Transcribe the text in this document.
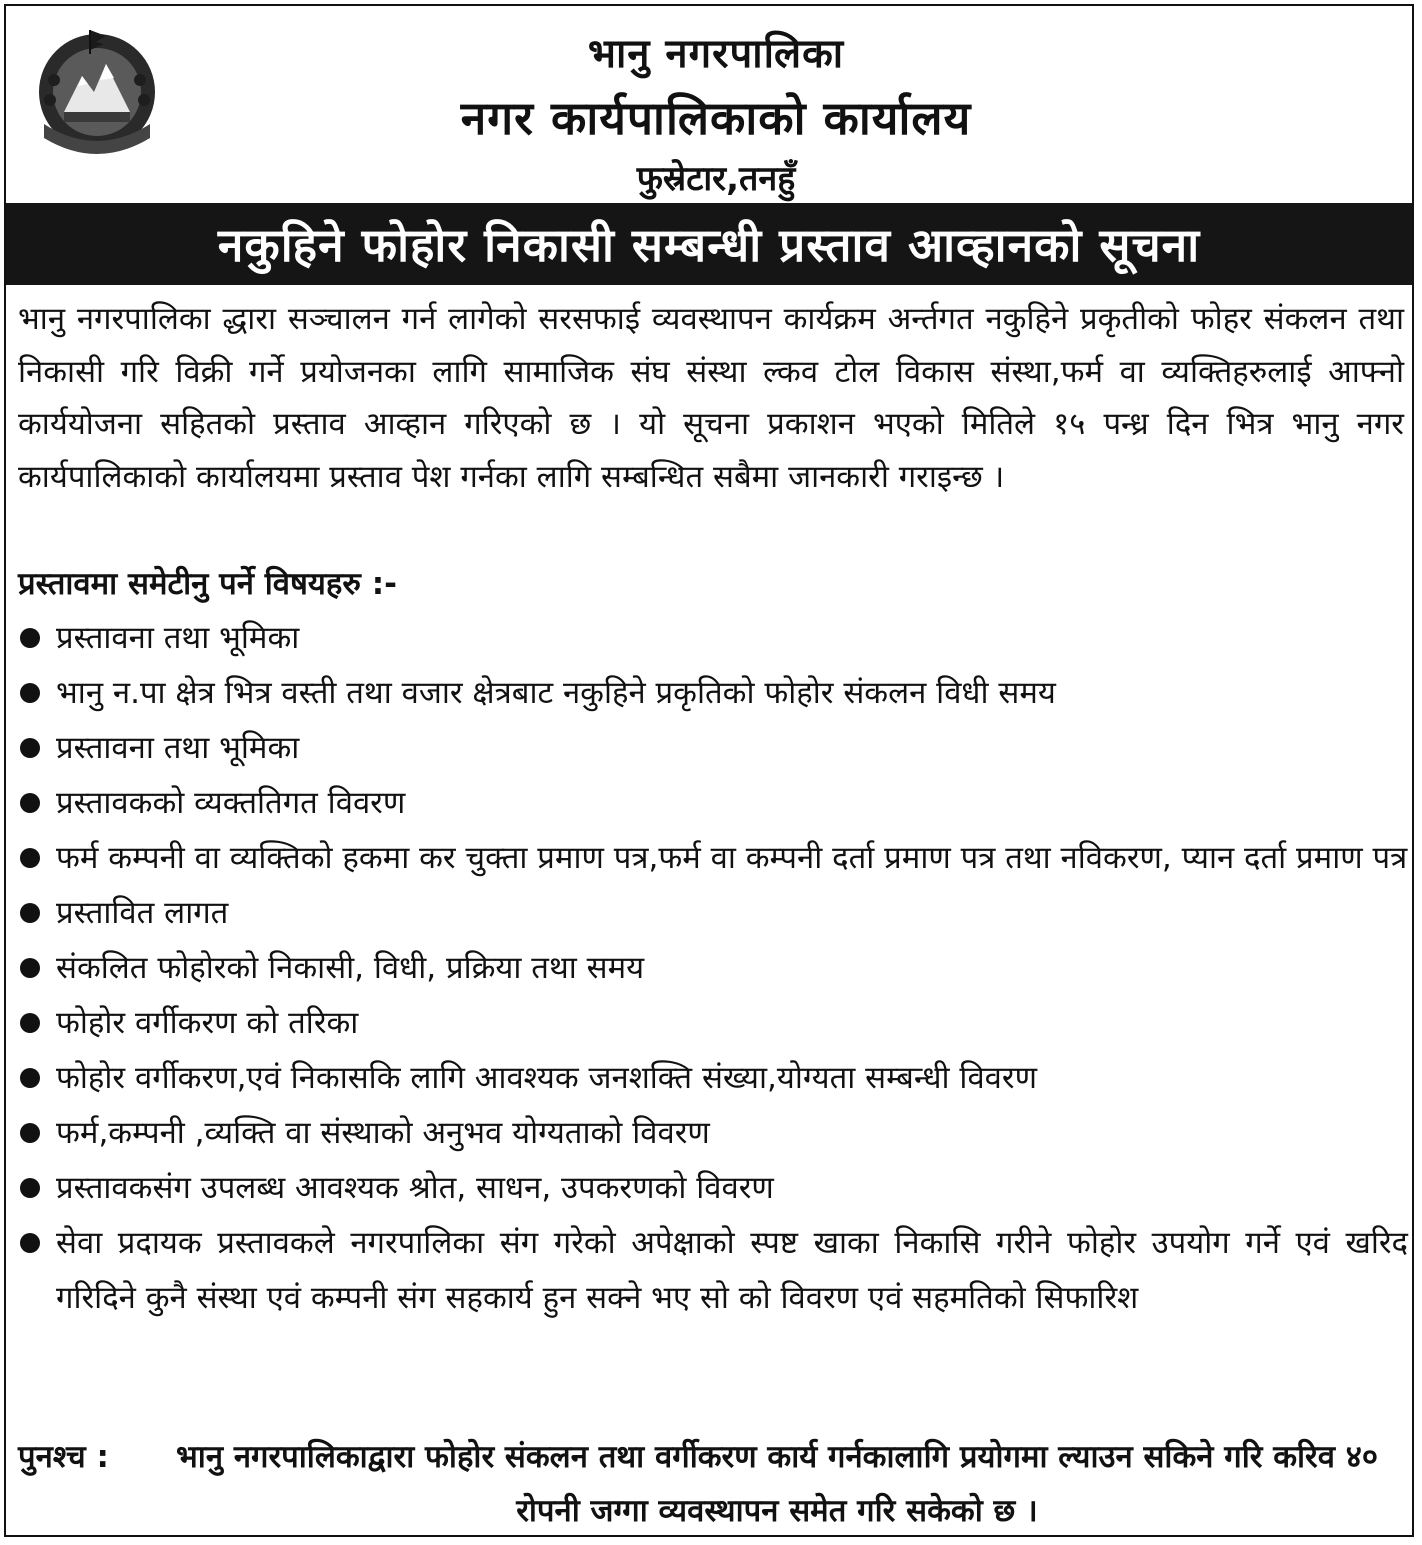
भानु नगरपालिका
नगर कार्यपालिकाको कार्यालय
फुस्रेटार,तनहुँ
नकुहिने फोहोर निकासी सम्बन्धी प्रस्ताव आव्हानको सूचना

भानु नगरपालिका द्धारा सञ्चालन गर्न लागेको सरसफाई व्यवस्थापन कार्यक्रम अर्न्तगत नकुहिने प्रकृतीको फोहर संकलन तथा निकासी गरि विक्री गर्ने प्रयोजनका लागि सामाजिक संघ संस्था ल्कव टोल विकास संस्था,फर्म वा व्यक्तिहरुलाई आफ्नो कार्ययोजना सहितको प्रस्ताव आव्हान गरिएको छ । यो सूचना प्रकाशन भएको मितिले १५ पन्ध्र दिन भित्र भानु नगर कार्यपालिकाको कार्यालयमा प्रस्ताव पेश गर्नका लागि सम्बन्धित सबैमा जानकारी गराइन्छ ।

प्रस्तावमा समेटीनु पर्ने विषयहरु :-
प्रस्तावना तथा भूमिका
भानु न.पा क्षेत्र भित्र वस्ती तथा वजार क्षेत्रबाट नकुहिने प्रकृतिको फोहोर संकलन विधी समय
प्रस्तावना तथा भूमिका
प्रस्तावकको व्यक्ततिगत विवरण
फर्म कम्पनी वा व्यक्तिको हकमा कर चुक्ता प्रमाण पत्र,फर्म वा कम्पनी दर्ता प्रमाण पत्र तथा नविकरण, प्यान दर्ता प्रमाण पत्र
प्रस्तावित लागत
संकलित फोहोरको निकासी, विधी, प्रक्रिया तथा समय
फोहोर वर्गीकरण को तरिका
फोहोर वर्गीकरण,एवं निकासकि लागि आवश्यक जनशक्ति संख्या,योग्यता सम्बन्धी विवरण
फर्म,कम्पनी ,व्यक्ति वा संस्थाको अनुभव योग्यताको विवरण
प्रस्तावकसंग उपलब्ध आवश्यक श्रोत, साधन, उपकरणको विवरण
सेवा प्रदायक प्रस्तावकले नगरपालिका संग गरेको अपेक्षाको स्पष्ट खाका निकासि गरीने फोहोर उपयोग गर्ने एवं खरिद गरिदिने कुनै संस्था एवं कम्पनी संग सहकार्य हुन सक्ने भए सो को विवरण एवं सहमतिको सिफारिश
पुनश्च :	भानु नगरपालिकाद्वारा फोहोर संकलन तथा वर्गीकरण कार्य गर्नकालागि प्रयोगमा ल्याउन सकिने गरि करिव ४० रोपनी जग्गा व्यवस्थापन समेत गरि सकेको छ ।
